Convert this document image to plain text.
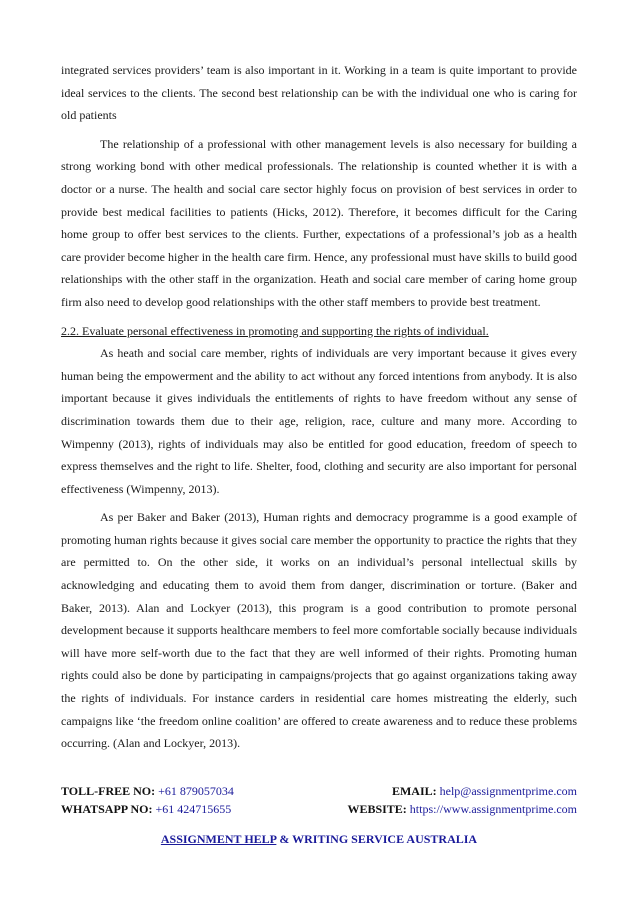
integrated services providers’ team is also important in it. Working in a team is quite important to provide ideal services to the clients. The second best relationship can be with the individual one who is caring for old patients

The relationship of a professional with other management levels is also necessary for building a strong working bond with other medical professionals. The relationship is counted whether it is with a doctor or a nurse. The health and social care sector highly focus on provision of best services in order to provide best medical facilities to patients (Hicks, 2012). Therefore, it becomes difficult for the Caring home group to offer best services to the clients. Further, expectations of a professional’s job as a health care provider become higher in the health care firm. Hence, any professional must have skills to build good relationships with the other staff in the organization. Heath and social care member of caring home group firm also need to develop good relationships with the other staff members to provide best treatment.

2.2. Evaluate personal effectiveness in promoting and supporting the rights of individual.

As heath and social care member, rights of individuals are very important because it gives every human being the empowerment and the ability to act without any forced intentions from anybody. It is also important because it gives individuals the entitlements of rights to have freedom without any sense of discrimination towards them due to their age, religion, race, culture and many more. According to Wimpenny (2013), rights of individuals may also be entitled for good education, freedom of speech to express themselves and the right to life. Shelter, food, clothing and security are also important for personal effectiveness (Wimpenny, 2013).

As per Baker and Baker (2013), Human rights and democracy programme is a good example of promoting human rights because it gives social care member the opportunity to practice the rights that they are permitted to. On the other side, it works on an individual’s personal intellectual skills by acknowledging and educating them to avoid them from danger, discrimination or torture. (Baker and Baker, 2013). Alan and Lockyer (2013), this program is a good contribution to promote personal development because it supports healthcare members to feel more comfortable socially because individuals will have more self-worth due to the fact that they are well informed of their rights. Promoting human rights could also be done by participating in campaigns/projects that go against organizations taking away the rights of individuals. For instance carders in residential care homes mistreating the elderly, such campaigns like ‘the freedom online coalition’ are offered to create awareness and to reduce these problems occurring. (Alan and Lockyer, 2013).

TOLL-FREE NO: +61 879057034	EMAIL: help@assignmentprime.com
WHATSAPP NO: +61 424715655	WEBSITE: https://www.assignmentprime.com
ASSIGNMENT HELP & WRITING SERVICE AUSTRALIA
